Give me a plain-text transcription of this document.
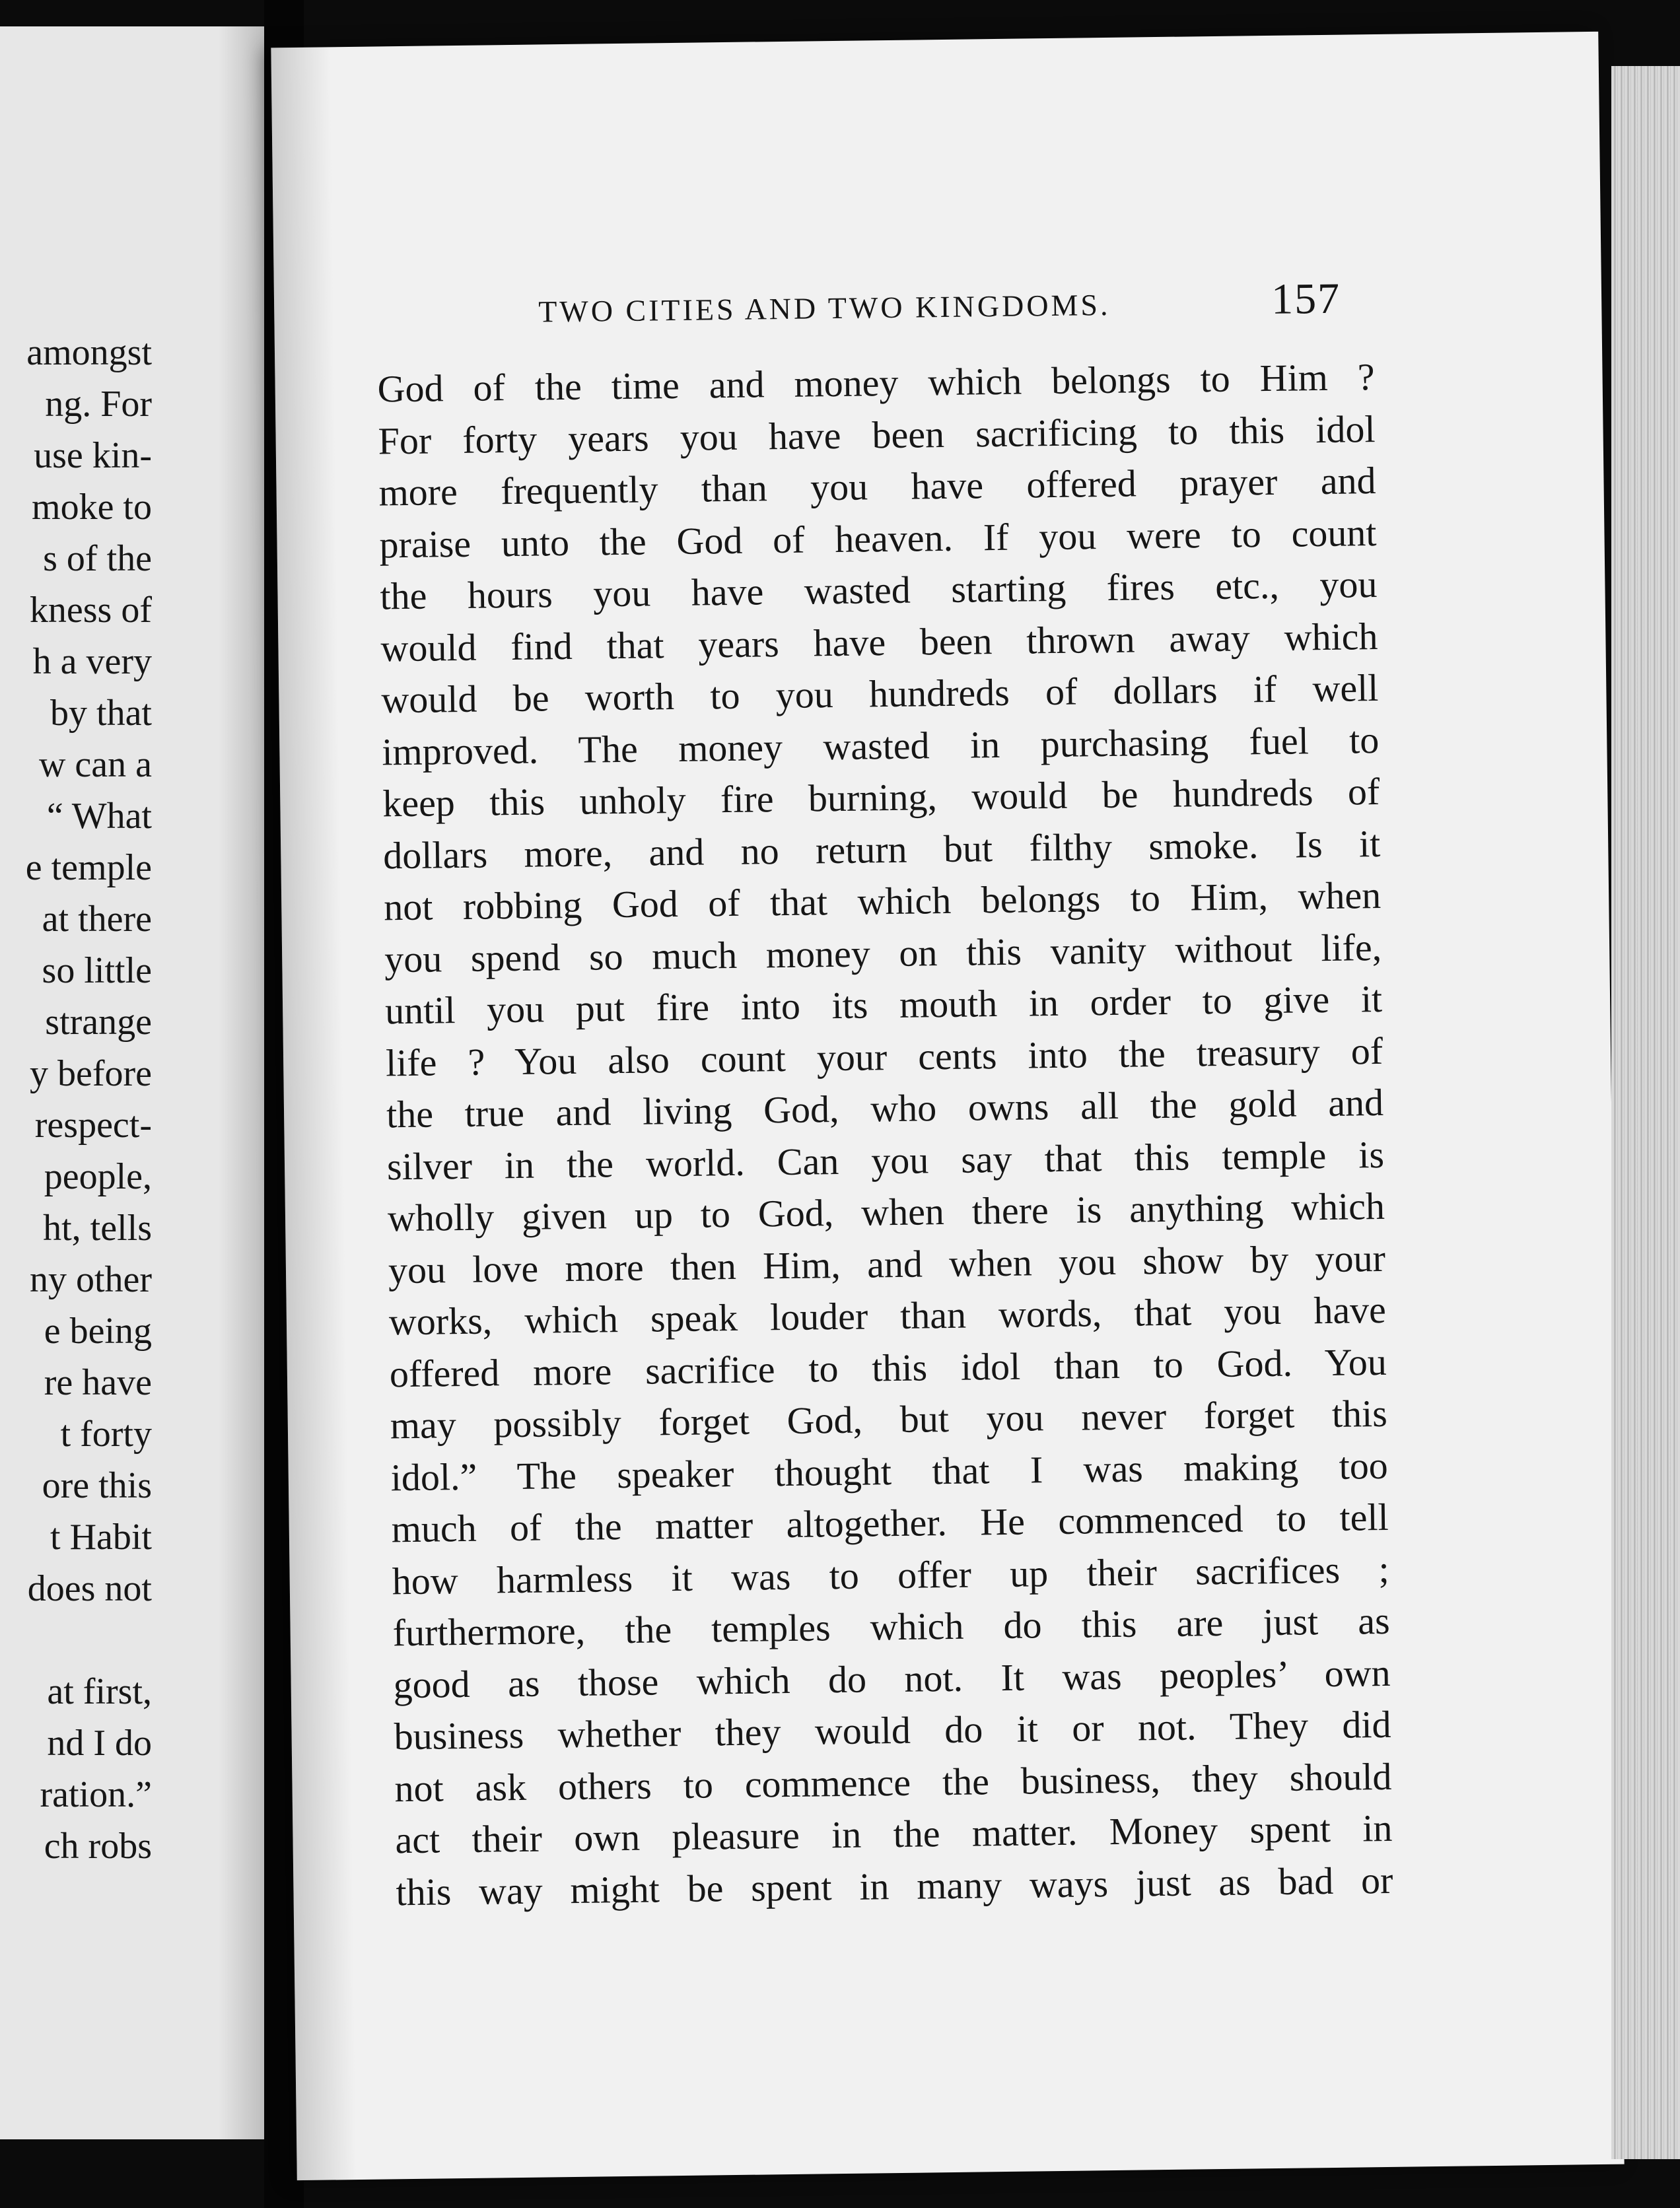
amongst
ng. For
use kin-
moke to
s of the
kness of
h a very
by that
w can a
“ What
e temple
at there
so little
strange
y before
respect-
people,
ht, tells
ny other
e being
re have
t forty
ore this
t Habit
does not
at first,
nd I do
ration.”
ch robs
TWO CITIES AND TWO KINGDOMS.	157
God of the time and money which belongs to Him ?
For forty years you have been sacrificing to this idol
more frequently than you have offered prayer and
praise unto the God of heaven. If you were to count
the hours you have wasted starting fires etc., you
would find that years have been thrown away which
would be worth to you hundreds of dollars if well
improved. The money wasted in purchasing fuel to
keep this unholy fire burning, would be hundreds of
dollars more, and no return but filthy smoke. Is it
not robbing God of that which belongs to Him, when
you spend so much money on this vanity without life,
until you put fire into its mouth in order to give it
life ? You also count your cents into the treasury of
the true and living God, who owns all the gold and
silver in the world. Can you say that this temple is
wholly given up to God, when there is anything which
you love more then Him, and when you show by your
works, which speak louder than words, that you have
offered more sacrifice to this idol than to God. You
may possibly forget God, but you never forget this
idol.” The speaker thought that I was making too
much of the matter altogether. He commenced to tell
how harmless it was to offer up their sacrifices ;
furthermore, the temples which do this are just as
good as those which do not. It was peoples’ own
business whether they would do it or not. They did
not ask others to commence the business, they should
act their own pleasure in the matter. Money spent in
this way might be spent in many ways just as bad or
